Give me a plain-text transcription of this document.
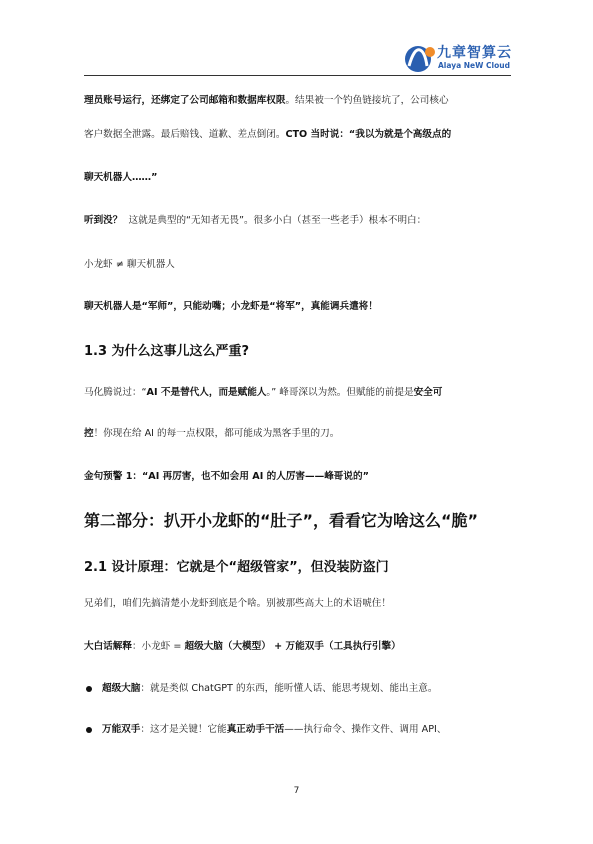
九章智算云
Alaya NeW Cloud
理员账号运行，还绑定了公司邮箱和数据库权限。结果被一个钓鱼链接坑了，公司核心
客户数据全泄露。最后赔钱、道歉、差点倒闭。CTO 当时说：“我以为就是个高级点的
聊天机器人……”
听到没？ 这就是典型的“无知者无畏”。很多小白（甚至一些老手）根本不明白：
小龙虾 ≠ 聊天机器人
聊天机器人是“军师”，只能动嘴；小龙虾是“将军”，真能调兵遣将！
1.3 为什么这事儿这么严重?
马化腾说过：“AI 不是替代人，而是赋能人。” 峰哥深以为然。但赋能的前提是安全可
控！你现在给 AI 的每一点权限，都可能成为黑客手里的刀。
金句预警 1：“AI 再厉害，也不如会用 AI 的人厉害——峰哥说的”
第二部分：扒开小龙虾的“肚子”，看看它为啥这么“脆”
2.1 设计原理：它就是个“超级管家”，但没装防盗门
兄弟们，咱们先搞清楚小龙虾到底是个啥。别被那些高大上的术语唬住！
大白话解释：小龙虾 = 超级大脑（大模型） + 万能双手（工具执行引擎）
超级大脑：就是类似 ChatGPT 的东西，能听懂人话、能思考规划、能出主意。
万能双手：这才是关键！它能真正动手干活——执行命令、操作文件、调用 API、
7
